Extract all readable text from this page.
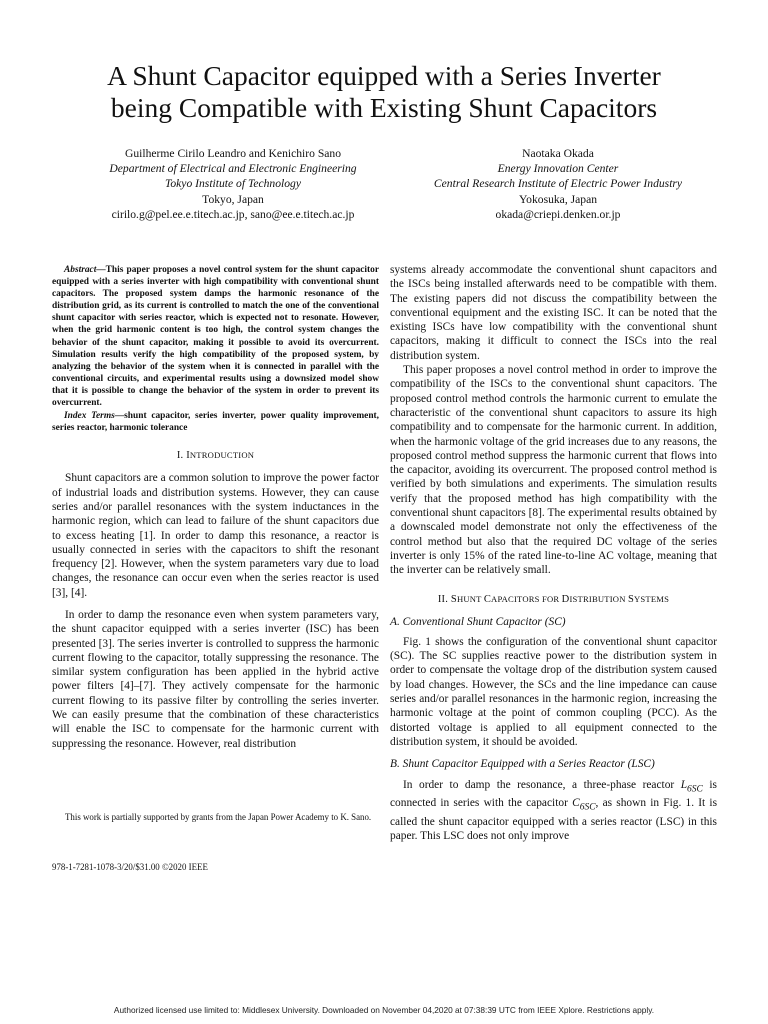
A Shunt Capacitor equipped with a Series Inverter
being Compatible with Existing Shunt Capacitors
Guilherme Cirilo Leandro and Kenichiro Sano
Department of Electrical and Electronic Engineering
Tokyo Institute of Technology
Tokyo, Japan
cirilo.g@pel.ee.e.titech.ac.jp, sano@ee.e.titech.ac.jp
Naotaka Okada
Energy Innovation Center
Central Research Institute of Electric Power Industry
Yokosuka, Japan
okada@criepi.denken.or.jp

Abstract—This paper proposes a novel control system for the shunt capacitor equipped with a series inverter with high compatibility with conventional shunt capacitors. The proposed system damps the harmonic resonance of the distribution grid, as its current is controlled to match the one of the conventional shunt capacitor with series reactor, which is expected not to resonate. However, when the grid harmonic content is too high, the control system changes the behavior of the shunt capacitor, making it possible to avoid its overcurrent. Simulation results verify the high compatibility of the proposed system, by analyzing the behavior of the system when it is connected in parallel with the conventional circuits, and experimental results using a downsized model show that it is possible to change the behavior of the system in order to prevent its overcurrent.

Index Terms—shunt capacitor, series inverter, power quality improvement, series reactor, harmonic tolerance

I. INTRODUCTION

Shunt capacitors are a common solution to improve the power factor of industrial loads and distribution systems. However, they can cause series and/or parallel resonances with the system inductances in the harmonic region, which can lead to failure of the shunt capacitors due to excess heating [1]. In order to damp this resonance, a reactor is usually connected in series with the capacitors to shift the resonant frequency [2]. However, when the system parameters vary due to load changes, the resonance can occur even when the series reactor is used [3], [4].

In order to damp the resonance even when system parameters vary, the shunt capacitor equipped with a series inverter (ISC) has been presented [3]. The series inverter is controlled to suppress the harmonic current flowing to the capacitor, totally suppressing the resonance. The similar system configuration has been applied in the hybrid active power filters [4]–[7]. They actively compensate for the harmonic current flowing to its passive filter by controlling the series inverter. We can easily presume that the combination of these characteristics will enable the ISC to compensate for the harmonic current with suppressing the resonance. However, real distribution

This work is partially supported by grants from the Japan Power Academy to K. Sano.
978-1-7281-1078-3/20/$31.00 ©2020 IEEE

systems already accommodate the conventional shunt capacitors and the ISCs being installed afterwards need to be compatible with them. The existing papers did not discuss the compatibility between the conventional equipment and the existing ISC. It can be noted that the existing ISCs have low compatibility with the conventional shunt capacitors, making it difficult to connect the ISCs into the real distribution system.

This paper proposes a novel control method in order to improve the compatibility of the ISCs to the conventional shunt capacitors. The proposed control method controls the harmonic current to emulate the characteristic of the conventional shunt capacitors to assure its high compatibility and to compensate for the harmonic current. In addition, when the harmonic voltage of the grid increases due to any reasons, the proposed control method suppress the harmonic current that flows into the capacitor, avoiding its overcurrent. The proposed control method is verified by both simulations and experiments. The simulation results verify that the proposed method has high compatibility with the conventional shunt capacitors [8]. The experimental results obtained by a downscaled model demonstrate not only the effectiveness of the control method but also that the required DC voltage of the series inverter is only 15% of the rated line-to-line AC voltage, meaning that the inverter can be relatively small.

II. SHUNT CAPACITORS FOR DISTRIBUTION SYSTEMS
A. Conventional Shunt Capacitor (SC)

Fig. 1 shows the configuration of the conventional shunt capacitor (SC). The SC supplies reactive power to the distribution system in order to compensate the voltage drop of the distribution system caused by load changes. However, the SCs and the line impedance can cause series and/or parallel resonances in the harmonic region, increasing the harmonic voltage at the point of common coupling (PCC). As the distorted voltage is applied to all equipment connected to the distribution system, it should be avoided.

B. Shunt Capacitor Equipped with a Series Reactor (LSC)

In order to damp the resonance, a three-phase reactor $L_{6SC}$ is connected in series with the capacitor $C_{6SC}$, as shown in Fig. 1. It is called the shunt capacitor equipped with a series reactor (LSC) in this paper. This LSC does not only improve

Authorized licensed use limited to: Middlesex University. Downloaded on November 04,2020 at 07:38:39 UTC from IEEE Xplore. Restrictions apply.
